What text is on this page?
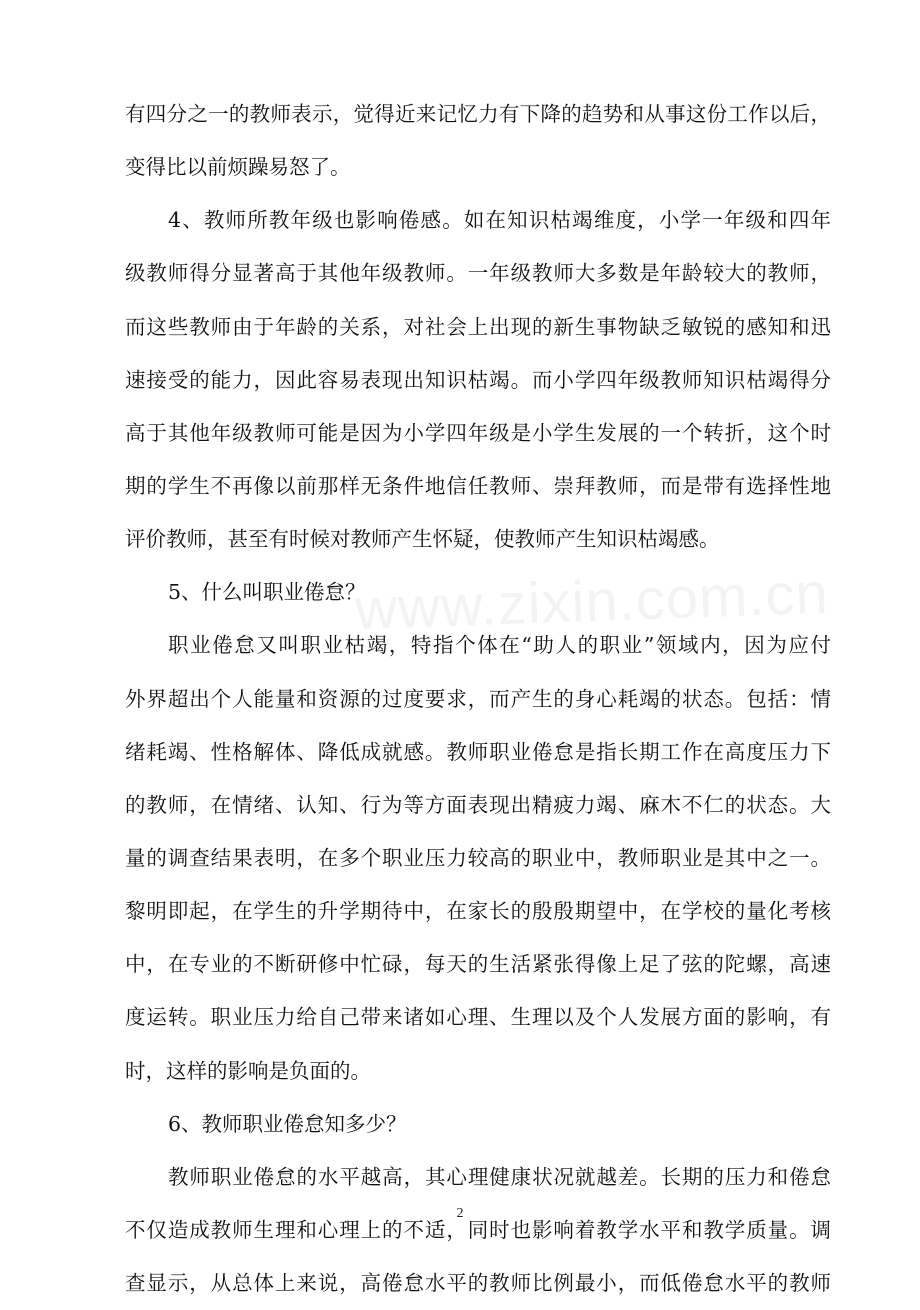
www.zixin.com.cn
有四分之一的教师表示，觉得近来记忆力有下降的趋势和从事这份工作以后，
变得比以前烦躁易怒了。
4、教师所教年级也影响倦感。如在知识枯竭维度，小学一年级和四年
级教师得分显著高于其他年级教师。一年级教师大多数是年龄较大的教师，
而这些教师由于年龄的关系，对社会上出现的新生事物缺乏敏锐的感知和迅
速接受的能力，因此容易表现出知识枯竭。而小学四年级教师知识枯竭得分
高于其他年级教师可能是因为小学四年级是小学生发展的一个转折，这个时
期的学生不再像以前那样无条件地信任教师、崇拜教师，而是带有选择性地
评价教师，甚至有时候对教师产生怀疑，使教师产生知识枯竭感。
5、什么叫职业倦怠？
职业倦怠又叫职业枯竭，特指个体在“助人的职业”领域内，因为应付
外界超出个人能量和资源的过度要求，而产生的身心耗竭的状态。包括：情
绪耗竭、性格解体、降低成就感。教师职业倦怠是指长期工作在高度压力下
的教师，在情绪、认知、行为等方面表现出精疲力竭、麻木不仁的状态。大
量的调查结果表明，在多个职业压力较高的职业中，教师职业是其中之一。
黎明即起，在学生的升学期待中，在家长的殷殷期望中，在学校的量化考核
中，在专业的不断研修中忙碌，每天的生活紧张得像上足了弦的陀螺，高速
度运转。职业压力给自己带来诸如心理、生理以及个人发展方面的影响，有
时，这样的影响是负面的。
6、教师职业倦怠知多少？
教师职业倦怠的水平越高，其心理健康状况就越差。长期的压力和倦怠
不仅造成教师生理和心理上的不适，同时也影响着教学水平和教学质量。调
查显示，从总体上来说，高倦怠水平的教师比例最小，而低倦怠水平的教师
2
